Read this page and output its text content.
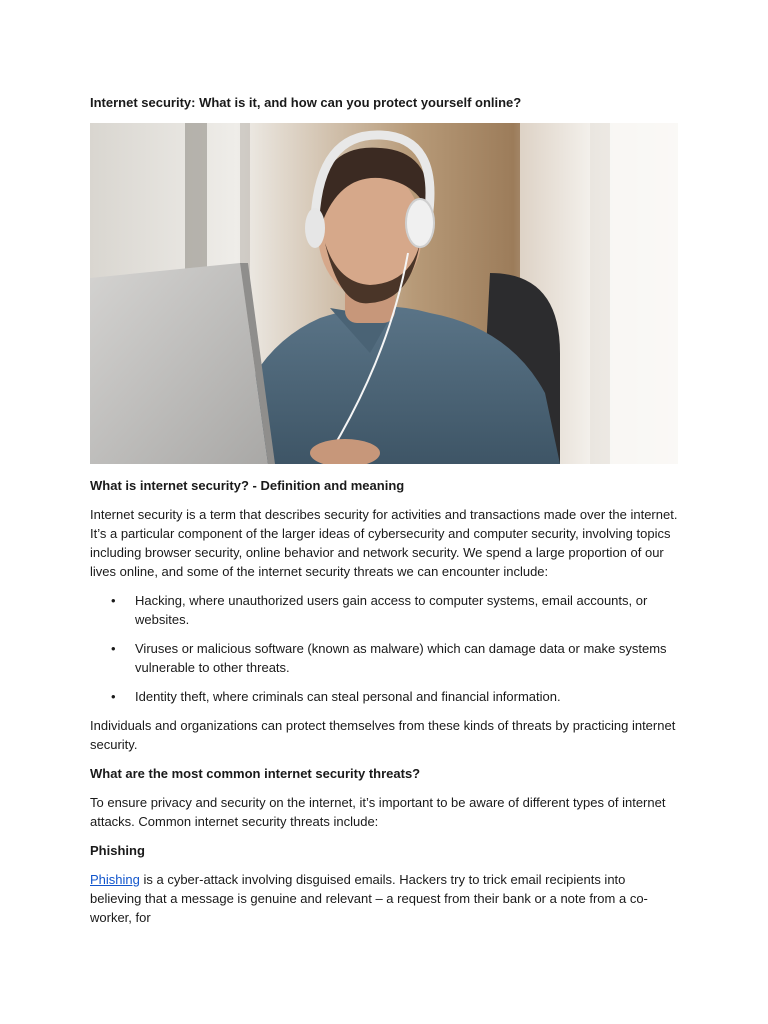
Internet security: What is it, and how can you protect yourself online?

What is internet security? - Definition and meaning

Internet security is a term that describes security for activities and transactions made over the internet. It’s a particular component of the larger ideas of cybersecurity and computer security, involving topics including browser security, online behavior and network security. We spend a large proportion of our lives online, and some of the internet security threats we can encounter include:

• Hacking, where unauthorized users gain access to computer systems, email accounts, or websites.
• Viruses or malicious software (known as malware) which can damage data or make systems vulnerable to other threats.
• Identity theft, where criminals can steal personal and financial information.

Individuals and organizations can protect themselves from these kinds of threats by practicing internet security.

What are the most common internet security threats?

To ensure privacy and security on the internet, it’s important to be aware of different types of internet attacks. Common internet security threats include:

Phishing

Phishing is a cyber-attack involving disguised emails. Hackers try to trick email recipients into believing that a message is genuine and relevant – a request from their bank or a note from a co-worker, for
